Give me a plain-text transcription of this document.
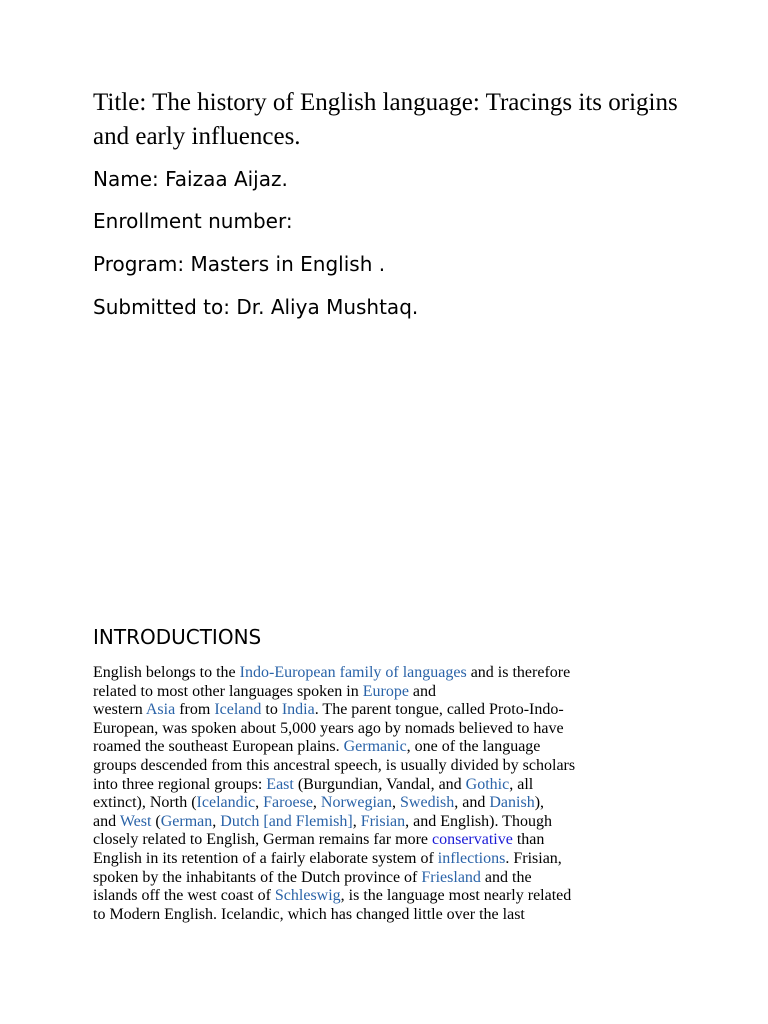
Title: The history of English language: Tracings its origins and early influences.

Name: Faizaa Aijaz.

Enrollment number:

Program: Masters in English .

Submitted to: Dr. Aliya Mushtaq.

INTRODUCTIONS
English belongs to the Indo-European family of languages and is therefore
related to most other languages spoken in Europe and
western Asia from Iceland to India. The parent tongue, called Proto-Indo-
European, was spoken about 5,000 years ago by nomads believed to have
roamed the southeast European plains. Germanic, one of the language
groups descended from this ancestral speech, is usually divided by scholars
into three regional groups: East (Burgundian, Vandal, and Gothic, all
extinct), North (Icelandic, Faroese, Norwegian, Swedish, and Danish),
and West (German, Dutch [and Flemish], Frisian, and English). Though
closely related to English, German remains far more conservative than
English in its retention of a fairly elaborate system of inflections. Frisian,
spoken by the inhabitants of the Dutch province of Friesland and the
islands off the west coast of Schleswig, is the language most nearly related
to Modern English. Icelandic, which has changed little over the last
